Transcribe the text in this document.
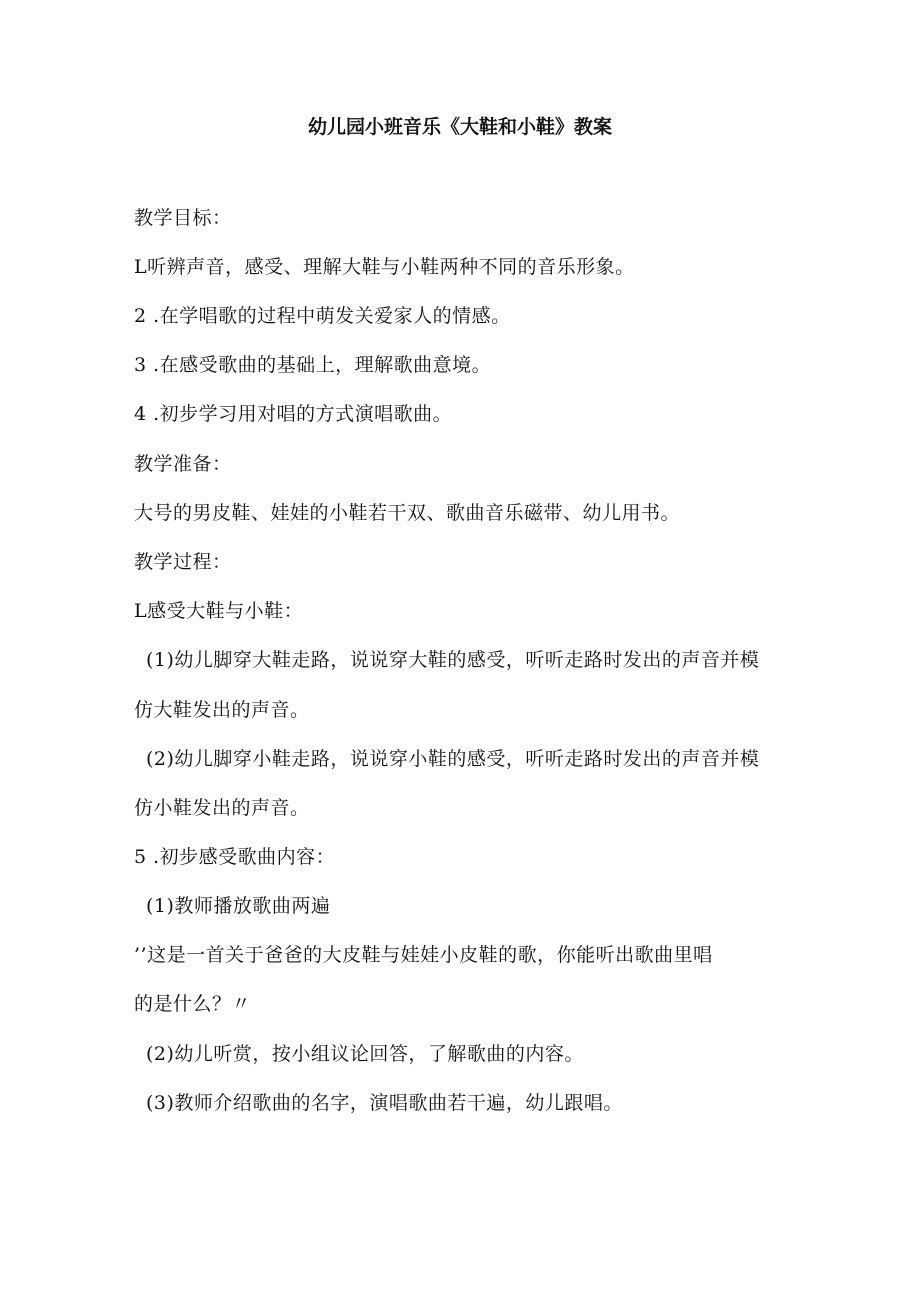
幼儿园小班音乐《大鞋和小鞋》教案
教学目标：
L听辨声音，感受、理解大鞋与小鞋两种不同的音乐形象。
2 .在学唱歌的过程中萌发关爱家人的情感。
3 .在感受歌曲的基础上，理解歌曲意境。
4 .初步学习用对唱的方式演唱歌曲。
教学准备：
大号的男皮鞋、娃娃的小鞋若干双、歌曲音乐磁带、幼儿用书。
教学过程：
L感受大鞋与小鞋：
(1)幼儿脚穿大鞋走路，说说穿大鞋的感受，听听走路时发出的声音并模
仿大鞋发出的声音。
(2)幼儿脚穿小鞋走路，说说穿小鞋的感受，听听走路时发出的声音并模
仿小鞋发出的声音。
5 .初步感受歌曲内容：
(1)教师播放歌曲两遍
’’这是一首关于爸爸的大皮鞋与娃娃小皮鞋的歌，你能听出歌曲里唱
的是什么？〃
(2)幼儿听赏，按小组议论回答，了解歌曲的内容。
(3)教师介绍歌曲的名字，演唱歌曲若干遍，幼儿跟唱。
